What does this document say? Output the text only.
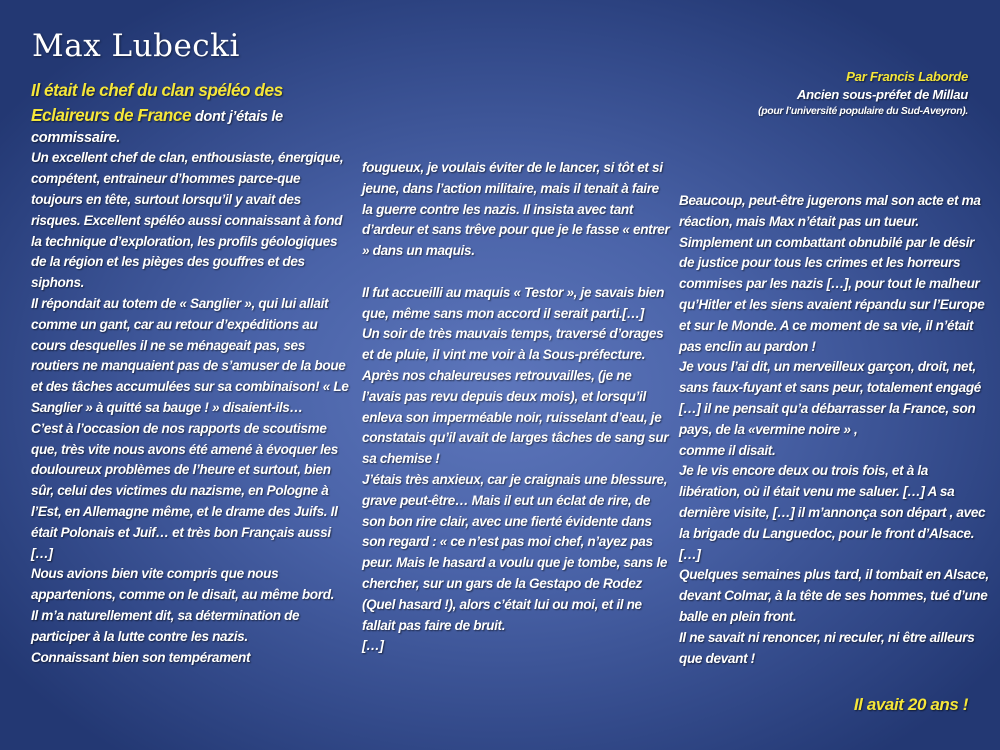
Max Lubecki
Par Francis Laborde
Ancien sous-préfet de Millau
(pour l’université populaire du Sud-Aveyron).

Il était le chef du clan spéléo des Eclaireurs de France dont j’étais le commissaire.

Un excellent chef de clan, enthousiaste, énergique, compétent, entraineur d’hommes parce-que toujours en tête, surtout lorsqu’il y avait des risques. Excellent spéléo aussi connaissant à fond la technique d’exploration, les profils géologiques de la région et les pièges des gouffres et des siphons.

Il répondait au totem de « Sanglier », qui lui allait comme un gant, car au retour d’expéditions au cours desquelles il ne se ménageait pas, ses routiers ne manquaient pas de s’amuser de la boue et des tâches accumulées sur sa combinaison! « Le Sanglier » à quitté sa bauge ! » disaient-ils…

C’est à l’occasion de nos rapports de scoutisme que, très vite nous avons été amené à évoquer les douloureux problèmes de l’heure et surtout, bien sûr, celui des victimes du nazisme, en Pologne à l’Est, en Allemagne même, et le drame des Juifs. Il était Polonais et Juif… et très bon Français aussi […]

Nous avions bien vite compris que nous appartenions, comme on le disait, au même bord.

Il m’a naturellement dit, sa détermination de participer à la lutte contre les nazis.

Connaissant bien son tempérament

fougueux, je voulais éviter de le lancer, si tôt et si jeune, dans l’action militaire, mais il tenait à faire la guerre contre les nazis. Il insista avec tant d’ardeur et sans trêve pour que je le fasse « entrer » dans un maquis.

Il fut accueilli au maquis « Testor », je savais bien que, même sans mon accord il serait parti.[…]

Un soir de très mauvais temps, traversé d’orages et de pluie, il vint me voir à la Sous-préfecture. Après nos chaleureuses retrouvailles, (je ne l’avais pas revu depuis deux mois), et lorsqu’il enleva son imperméable noir, ruisselant d’eau, je constatais qu’il avait de larges tâches de sang sur sa chemise !

J’étais très anxieux, car je craignais une blessure, grave peut-être… Mais il eut un éclat de rire, de son bon rire clair, avec une fierté évidente dans son regard : « ce n’est pas moi chef, n’ayez pas peur. Mais le hasard a voulu que je tombe, sans le chercher, sur un gars de la Gestapo de Rodez (Quel hasard !), alors c’était lui ou moi, et il ne fallait pas faire de bruit.

[…]

Beaucoup, peut-être jugerons mal son acte et ma réaction, mais Max n’était pas un tueur. Simplement un combattant obnubilé par le désir de justice pour tous les crimes et les horreurs commises par les nazis […], pour tout le malheur qu’Hitler et les siens avaient répandu sur l’Europe et sur le Monde. A ce moment de sa vie, il n’était pas enclin au pardon !

Je vous l’ai dit, un merveilleux garçon, droit, net, sans faux-fuyant et sans peur, totalement engagé […] il ne pensait qu’a débarrasser la France, son pays, de la «vermine noire » ,

comme il disait.

Je le vis encore deux ou trois fois, et à la libération, où il était venu me saluer. […] A sa dernière visite, […] il m’annonça son départ , avec la brigade du Languedoc, pour le front d’Alsace.[…]

Quelques semaines plus tard, il tombait en Alsace, devant Colmar, à la tête de ses hommes, tué d’une balle en plein front.

Il ne savait ni renoncer, ni reculer, ni être ailleurs que devant !

Il avait 20 ans !
